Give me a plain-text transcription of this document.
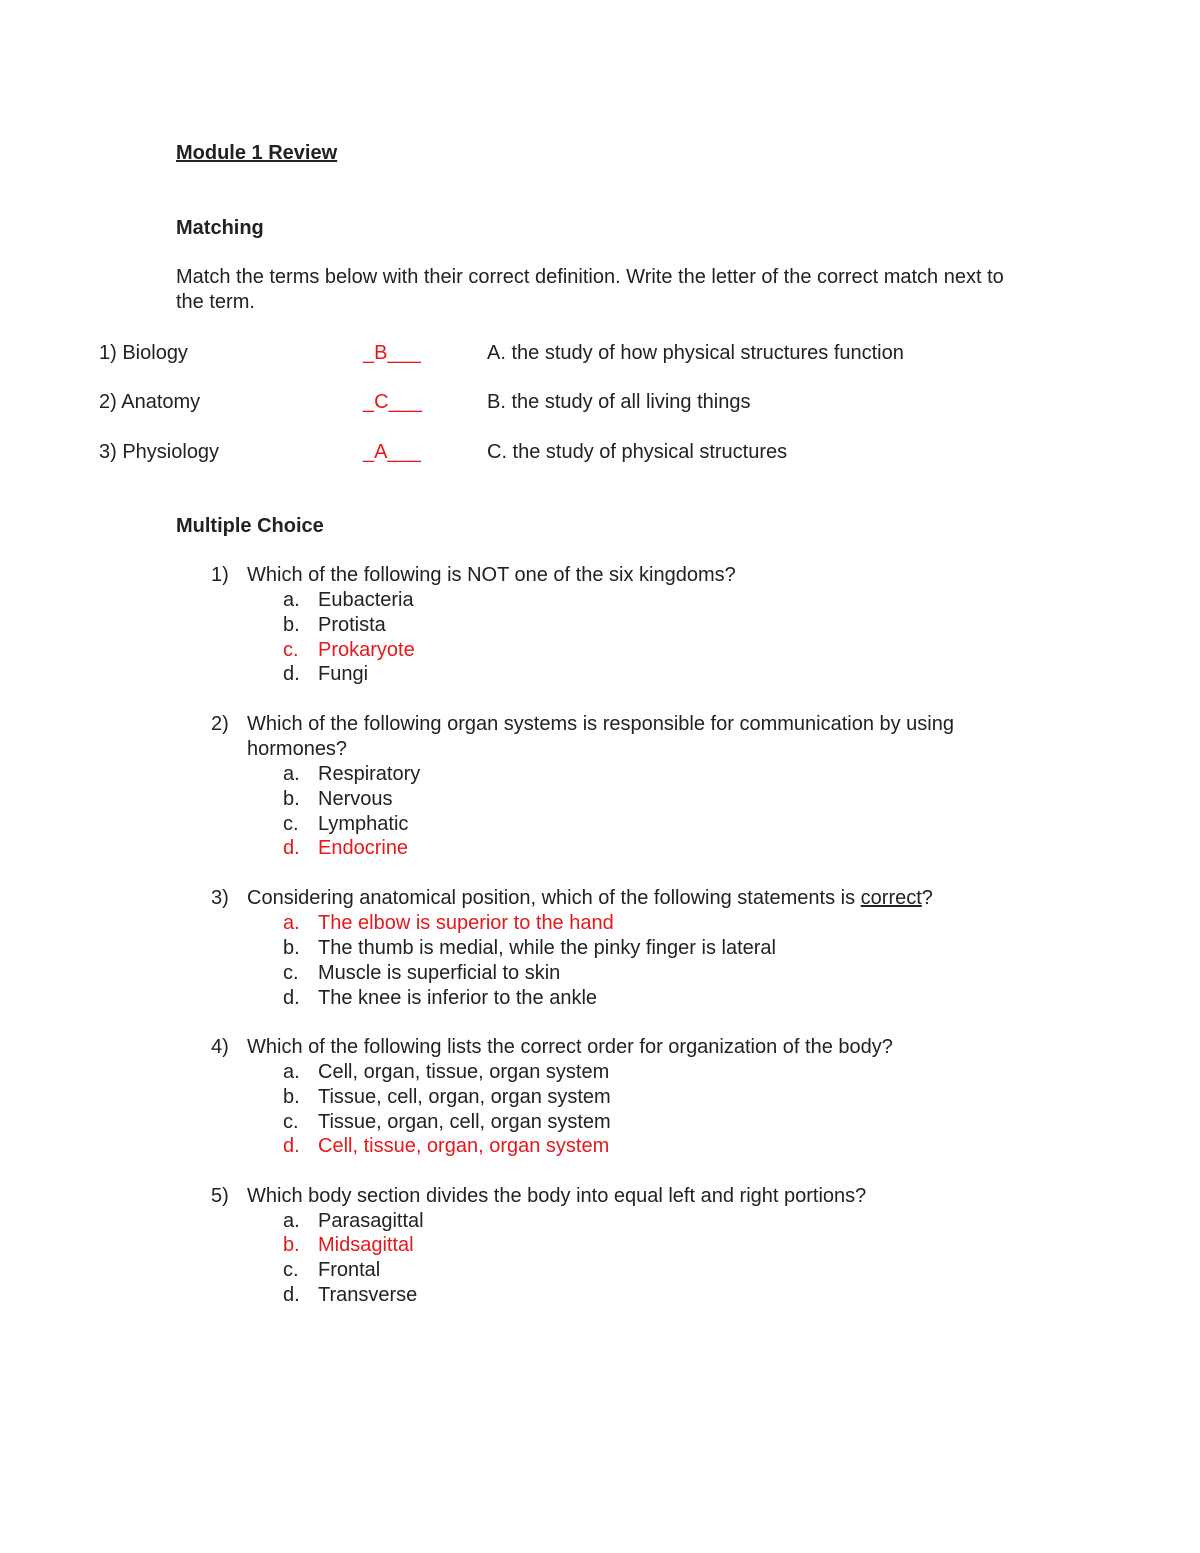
Module 1 Review
Matching
Match the terms below with their correct definition. Write the letter of the correct match next to the term.
1) Biology	_B___	A. the study of how physical structures function
2) Anatomy	_C___	B. the study of all living things
3) Physiology	_A___	C. the study of physical structures
Multiple Choice
1) Which of the following is NOT one of the six kingdoms?
a. Eubacteria
b. Protista
c. Prokaryote
d. Fungi
2) Which of the following organ systems is responsible for communication by using hormones?
a. Respiratory
b. Nervous
c. Lymphatic
d. Endocrine
3) Considering anatomical position, which of the following statements is correct?
a. The elbow is superior to the hand
b. The thumb is medial, while the pinky finger is lateral
c. Muscle is superficial to skin
d. The knee is inferior to the ankle
4) Which of the following lists the correct order for organization of the body?
a. Cell, organ, tissue, organ system
b. Tissue, cell, organ, organ system
c. Tissue, organ, cell, organ system
d. Cell, tissue, organ, organ system
5) Which body section divides the body into equal left and right portions?
a. Parasagittal
b. Midsagittal
c. Frontal
d. Transverse
